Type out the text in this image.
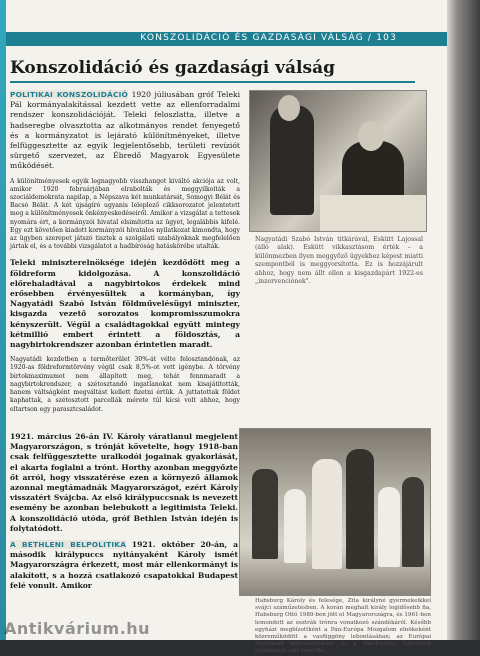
KONSZOLIDÁCIÓ ÉS GAZDASÁGI VÁLSÁG / 103
Konszolidáció és gazdasági válság

POLITIKAI KONSZOLIDÁCIÓ 1920 júliusában gróf Teleki Pál kormányalakítással kezdett vette az ellenforradalmi rendszer konszolidációját. Teleki feloszlatta, illetve a hadseregbe olvasztotta az alkotmányos rendet fenyegető és a kormányzatot is lejárató különítményeket, illetve felfüggesztette az egyik legjelentősebb, területi revíziót sürgető szervezet, az Ébredő Magyarok Egyesülete működését.

A különítményesek egyik legnagyobb visszhangot kiváltó akciója az volt, amikor 1920 februárjában elrabolták és meggyilkolták a szociáldemokrata napilap, a Népszava két munkatársát, Somogyi Bélát és Bacsó Bélát. A két újságíró ugyanis leleplező cikksorozatot jelentetett meg a különítményesek önkényeskedéseiről. Amikor a vizsgálat a tettesek nyomára ért, a kormányzói hivatal elsimította az ügyet, legalábbis kifelé. Egy ezt követően kiadott kormányzói hivatalos nyilatkozat kimondta, hogy az ügyben szerepet játszó tisztek a szolgálati szabályoknak megfelelően jártak el, és a további vizsgálatot a hadbíróság hatáskörébe utalták.

Teleki miniszterelnöksége idején kezdődött meg a földreform kidolgozása. A konszolidáció előrehaladtával a nagybirtokos érdekek mind erősebben érvényesültek a kormányban, így Nagyatádi Szabó István földművelésügyi miniszter, kisgazda vezető sorozatos kompromisszumokra kényszerült. Végül a családtagokkal együtt mintegy kétmillió embert érintett a földosztás, a nagybirtokrendszer azonban érintetlen maradt.

Nagyatádi kezdetben a termőterület 30%-át vélte felosztandónak, az 1920-as földreformtörvény végül csak 8,5%-ot vett igénybe. A törvény birtokmaximumot nem állapított meg, tehát fennmaradt a nagybirtokrendszer, a szétosztandó ingatlanokat nem kisajátították, hanem váltságként megváltást kellett fizetni értük. A juttatottak földet kaphattak, a szétosztott parcellák mérete túl kicsi volt ahhoz, hogy eltartson egy parasztcsaládot.

Nagyatádi Szabó István titkárával, Eskütt Lajossal (álló alak). Eskütt vikkasztásom érték – a különmezben ilyen meggyőző ügyekhez képest miatti szempontból is meggyorsította. Ez is hozzájárult ahhoz, hogy nem állt ellen a kisgazdapárt 1922-es „inzervenciónek".

1921. március 26-án IV. Károly váratlanul megjelent Magyarországon, s trónját követelte, hogy 1918-ban csak felfüggesztette uralkodói jogainak gyakorlását, el akarta foglalni a trónt. Horthy azonban meggyőzte őt arról, hogy visszatérése ezen a környező államok azonnal megtámadnák Magyarországot, ezért Károly visszatért Svájcba. Az első királypuccsnak is nevezett esemény be azonban belebukott a legitimista Teleki. A konszolidáció utóda, gróf Bethlen István idején is folytatódott.

A BETHLENI BELPOLITIKA 1921. október 20-án, a második királypuccs nyitányaként Károly ismét Magyarországra érkezett, most már ellenkormányt is alakított, s a hozzá csatlakozó csapatokkal Budapest felé vonult. Amikor

Habsburg Károly és felesége, Zita királyné gyermekeikkel svájci száműzetésben. A korán meghalt király legidősebb fia, Habsburg Ottó 1989-ben jött el Magyarországra, és 1961-ben lemondott az osztrák trónra vonatkozó szándékáról. Később egyházi megbízottként a Pán-Európa Mozgalom elnökeként közreműködött a vasfüggöny lebontásában; az Európai Parlament képviselőjeként és a Pán-Európa Szövetség elnökeként vált ismertté.
Antikvárium.hu
